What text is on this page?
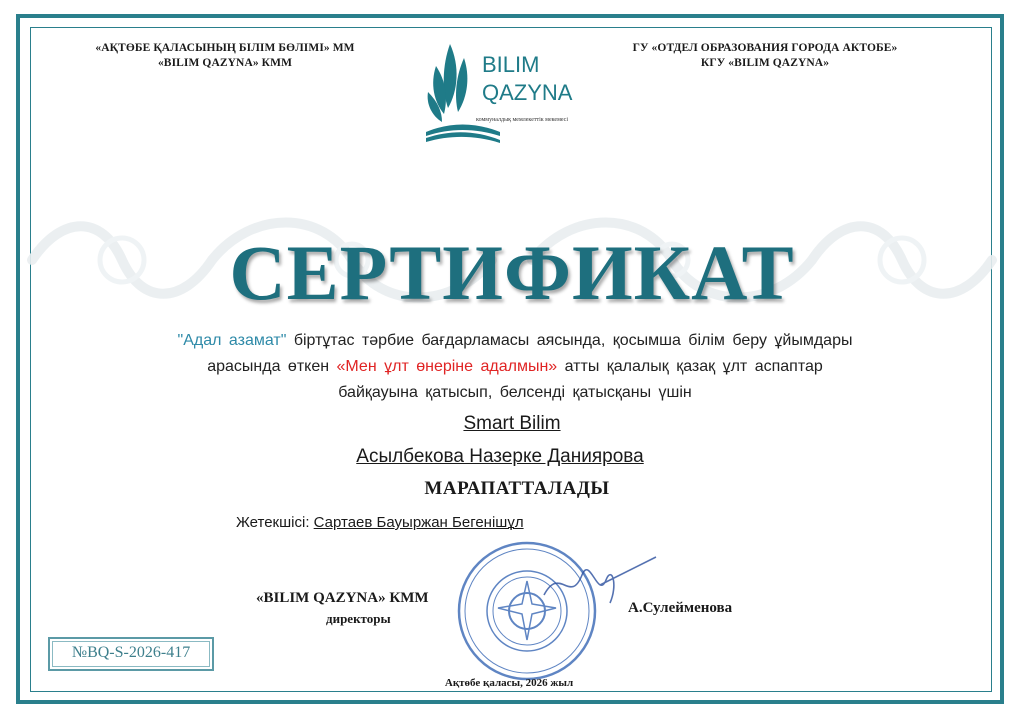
«АҚТӨБЕ ҚАЛАСЫНЫҢ БІЛІМ БӨЛІМІ» ММ
«BILIM QAZYNA» КММ
ГУ «ОТДЕЛ ОБРАЗОВАНИЯ ГОРОДА АКТОБЕ»
КГУ «BILIM QAZYNA»
BILIM
QAZYNA
коммуналдық мемлекеттік мекемесі
СЕРТИФИКАТ
"Адал азамат" біртұтас тәрбие бағдарламасы аясында, қосымша білім беру ұйымдары арасында өткен «Мен ұлт өнеріне адалмын» атты қалалық қазақ ұлт аспаптар байқауына қатысып, белсенді қатысқаны үшін
Smart Bilim
Асылбекова Назерке Даниярова
МАРАПАТТАЛАДЫ
Жетекшісі: Сартаев Бауыржан Бегенішұл
«BILIM QAZYNA» КММ
директоры
А.Сулейменова
№BQ-S-2026-417
Ақтөбе қаласы, 2026 жыл
